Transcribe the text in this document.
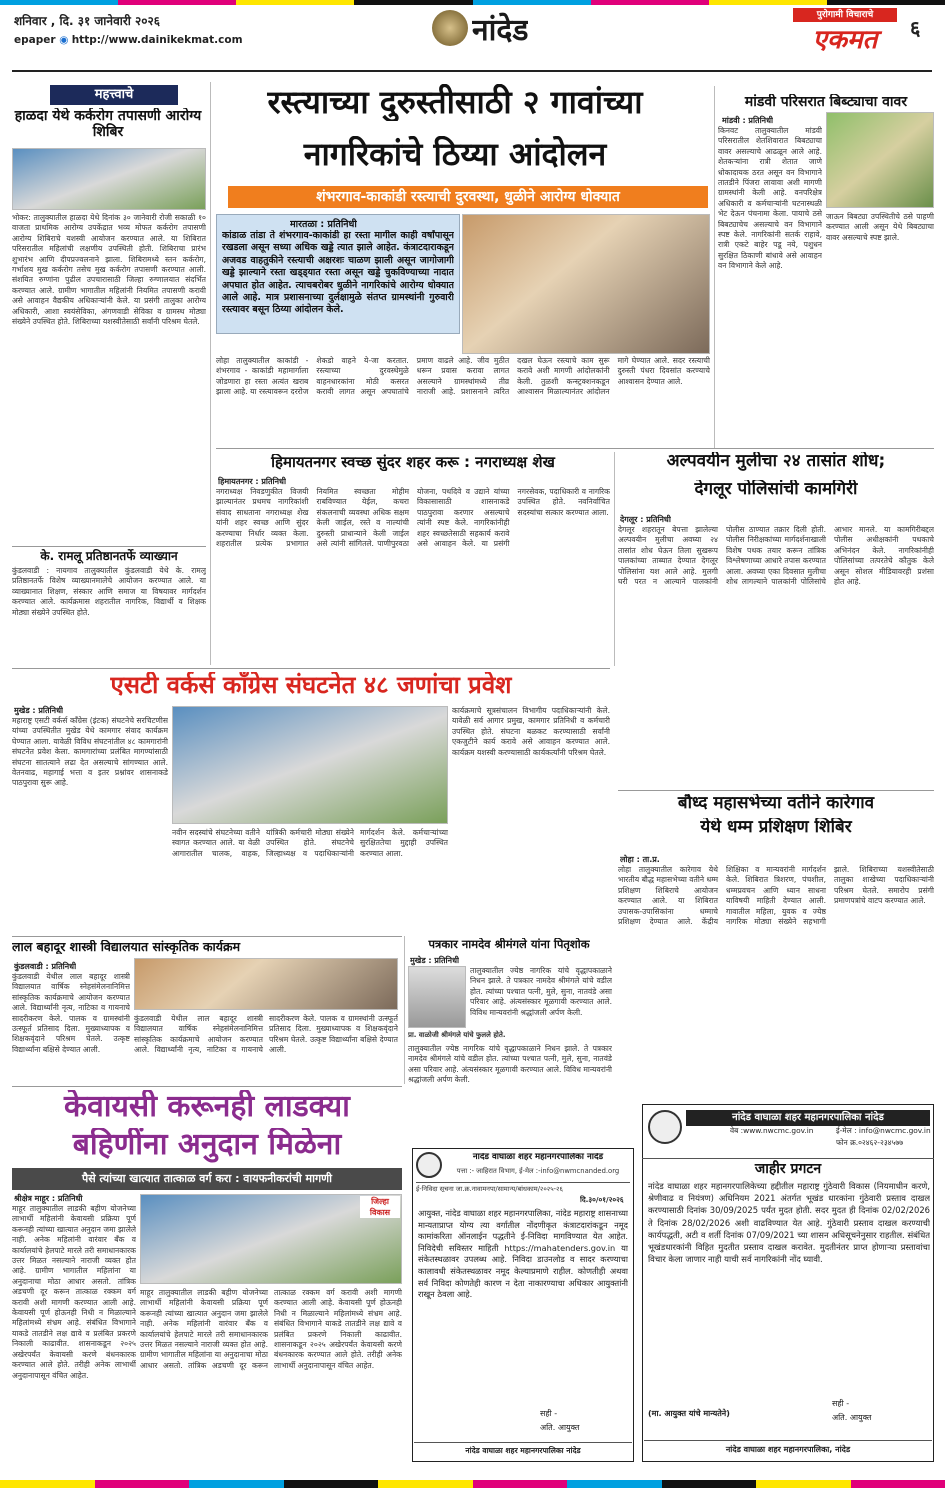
शनिवार , दि. ३१ जानेवारी २०२६
epaper ◉ http://www.dainikekmat.com	नांदेड	पुरोगामी विचाराचे
एकमत	६
महत्त्वाचे
हाळदा येथे कर्करोग तपासणी आरोग्य शिबिर
भोकर: तालुक्यातील हाळदा येथे दिनांक ३० जानेवारी रोजी सकाळी १० वाजता प्राथमिक आरोग्य उपकेंद्रात भव्य मोफत कर्करोग तपासणी आरोग्य शिबिराचे यशस्वी आयोजन करण्यात आले. या शिबिरात परिसरातील महिलांची लक्षणीय उपस्थिती होती. शिबिराचा प्रारंभ शुभारंभ आणि दीपप्रज्वलनाने झाला. शिबिरामध्ये स्तन कर्करोग, गर्भाशय मुख कर्करोग तसेच मुख कर्करोग तपासणी करण्यात आली. संशयित रुग्णांना पुढील उपचारासाठी जिल्हा रुग्णालयात संदर्भित करण्यात आले. ग्रामीण भागातील महिलांनी नियमित तपासणी करावी असे आवाहन वैद्यकीय अधिकाऱ्यांनी केले. या प्रसंगी तालुका आरोग्य अधिकारी, आशा स्वयंसेविका, अंगणवाडी सेविका व ग्रामस्थ मोठ्या संख्येने उपस्थित होते. शिबिराच्या यशस्वीतेसाठी सर्वांनी परिश्रम घेतले.
के. रामलू प्रतिष्ठानतर्फे व्याख्यान
कुंडलवाडी : नायगाव तालुक्यातील कुंडलवाडी येथे के. रामलू प्रतिष्ठानतर्फे विशेष व्याख्यानमालेचे आयोजन करण्यात आले. या व्याख्यानात शिक्षण, संस्कार आणि समाज या विषयावर मार्गदर्शन करण्यात आले. कार्यक्रमास शहरातील नागरिक, विद्यार्थी व शिक्षक मोठ्या संख्येने उपस्थित होते.
रस्त्याच्या दुरुस्तीसाठी २ गावांच्या
नागरिकांचे ठिय्या आंदोलन
शंभरगाव-काकांडी रस्त्याची दुरवस्था, धुळीने आरोग्य धोक्यात
मारतळा : प्रतिनिधी
कांडाळ तांडा ते शंभरगाव-काकांडी हा रस्ता मागील काही वर्षांपासून रखडला असून सध्या अधिक खड्डे त्यात झाले आहेत. कंत्राटदाराकडून अजवड वाहतुकीने रस्त्याची अक्षरशः चाळण झाली असून जागोजागी खड्डे झाल्याने रस्ता खड्ड्यात रस्ता असून खड्डे चुकविण्याच्या नादात अपघात होत आहेत. त्याचबरोबर धुळीने नागरिकांचे आरोग्य धोक्यात आले आहे. मात्र प्रशासनाच्या दुर्लक्षामुळे संतप्त ग्रामस्थांनी गुरुवारी रस्त्यावर बसून ठिय्या आंदोलन केले.
लोहा तालुक्यातील काकांडी - शंभरगाव - काकांडी महामार्गाला जोडणारा हा रस्ता अत्यंत खराब झाला आहे. या रस्त्यावरून दररोज शेकडो वाहने ये-जा करतात. रस्त्याच्या दुरवस्थेमुळे वाहनधारकांना मोठी कसरत करावी लागत असून अपघातांचे प्रमाण वाढले आहे. जीव मुठीत धरून प्रवास करावा लागत असल्याने ग्रामस्थांमध्ये तीव्र नाराजी आहे. प्रशासनाने त्वरित दखल घेऊन रस्त्याचे काम सुरू करावे अशी मागणी आंदोलकांनी केली. तुळशी कन्स्ट्रक्शनकडून आश्वासन मिळाल्यानंतर आंदोलन मागे घेण्यात आले. सदर रस्त्याची दुरुस्ती पंधरा दिवसांत करण्याचे आश्वासन देण्यात आले.
मांडवी परिसरात बिब्ट्याचा वावर
मांडवी : प्रतिनिधी
किनवट तालुक्यातील मांडवी परिसरातील शेतशिवारात बिबट्याचा वावर असल्याचे आढळून आले आहे. शेतकऱ्यांना रात्री शेतात जाणे धोकादायक ठरत असून वन विभागाने तातडीने पिंजरा लावावा अशी मागणी ग्रामस्थांनी केली आहे. वनपरिक्षेत्र अधिकारी व कर्मचाऱ्यांनी घटनास्थळी भेट देऊन पंचनामा केला. पायाचे ठसे बिबट्याचेच असल्याचे वन विभागाने स्पष्ट केले. नागरिकांनी सतर्क राहावे, रात्री एकटे बाहेर पडू नये, पशुधन सुरक्षित ठिकाणी बांधावे असे आवाहन वन विभागाने केले आहे.
जाऊन बिबट्या उपस्थितीचे ठसे पाहणी करण्यात आली असून येथे बिबट्याचा वावर असल्याचे स्पष्ट झाले.
हिमायतनगर स्वच्छ सुंदर शहर करू : नगराध्यक्ष शेख
हिमायतनगर : प्रतिनिधी
नगराध्यक्ष निवडणुकीत विजयी झाल्यानंतर प्रथमच नागरिकांशी संवाद साधताना नगराध्यक्ष शेख यांनी शहर स्वच्छ आणि सुंदर करण्याचा निर्धार व्यक्त केला. शहरातील प्रत्येक प्रभागात नियमित स्वच्छता मोहीम राबविण्यात येईल, कचरा संकलनाची व्यवस्था अधिक सक्षम केली जाईल, रस्ते व नाल्यांची दुरुस्ती प्राधान्याने केली जाईल असे त्यांनी सांगितले. पाणीपुरवठा योजना, पथदिवे व उद्याने यांच्या विकासासाठी शासनाकडे पाठपुरावा करणार असल्याचे त्यांनी स्पष्ट केले. नागरिकांनीही शहर स्वच्छतेसाठी सहकार्य करावे असे आवाहन केले. या प्रसंगी नगरसेवक, पदाधिकारी व नागरिक उपस्थित होते. नवनिर्वाचित सदस्यांचा सत्कार करण्यात आला.
अल्पवयीन मुलीचा २४ तासांत शोध;
देगलूर पोलिसांची कामगिरी
देगलूर : प्रतिनिधी
देगलूर शहरातून बेपत्ता झालेल्या अल्पवयीन मुलीचा अवघ्या २४ तासांत शोध घेऊन तिला सुखरूप पालकांच्या ताब्यात देण्यात देगलूर पोलिसांना यश आले आहे. मुलगी घरी परत न आल्याने पालकांनी पोलीस ठाण्यात तक्रार दिली होती. पोलीस निरीक्षकांच्या मार्गदर्शनाखाली विशेष पथक तयार करून तांत्रिक विश्लेषणाच्या आधारे तपास करण्यात आला. अवघ्या एका दिवसात मुलीचा शोध लागल्याने पालकांनी पोलिसांचे आभार मानले. या कामगिरीबद्दल पोलीस अधीक्षकांनी पथकाचे अभिनंदन केले. नागरिकांनीही पोलिसांच्या तत्परतेचे कौतुक केले असून सोशल मीडियावरही प्रशंसा होत आहे.
एसटी वर्कर्स काँग्रेस संघटनेत ४८ जणांचा प्रवेश
मुखेड : प्रतिनिधी
महाराष्ट्र एसटी वर्कर्स काँग्रेस (इंटक) संघटनेचे सरचिटणीस यांच्या उपस्थितीत मुखेड येथे कामगार संवाद कार्यक्रम घेण्यात आला. यावेळी विविध संघटनांतील ४८ कामगारांनी संघटनेत प्रवेश केला. कामगारांच्या प्रलंबित मागण्यांसाठी संघटना सातत्याने लढा देत असल्याचे सांगण्यात आले. वेतनवाढ, महागाई भत्ता व इतर प्रश्नांवर शासनाकडे पाठपुरावा सुरू आहे.
नवीन सदस्यांचे संघटनेच्या वतीने स्वागत करण्यात आले. या वेळी आगारातील चालक, वाहक, यांत्रिकी कर्मचारी मोठ्या संख्येने उपस्थित होते. संघटनेचे जिल्हाध्यक्ष व पदाधिकाऱ्यांनी मार्गदर्शन केले. कर्मचाऱ्यांच्या सुरक्षिततेचा मुद्दाही उपस्थित करण्यात आला.
कार्यक्रमाचे सूत्रसंचालन विभागीय पदाधिकाऱ्यांनी केले. यावेळी सर्व आगार प्रमुख, कामगार प्रतिनिधी व कर्मचारी उपस्थित होते. संघटना बळकट करण्यासाठी सर्वांनी एकजुटीने कार्य करावे असे आवाहन करण्यात आले. कार्यक्रम यशस्वी करण्यासाठी कार्यकर्त्यांनी परिश्रम घेतले.
बौध्द महासभेच्या वतीने कारेगाव
येथे धम्म प्रशिक्षण शिबिर
लोहा : ता.प्र.
लोहा तालुक्यातील कारेगाव येथे भारतीय बौद्ध महासभेच्या वतीने धम्म प्रशिक्षण शिबिराचे आयोजन करण्यात आले. या शिबिरात उपासक-उपासिकांना धम्माचे प्रशिक्षण देण्यात आले. केंद्रीय शिक्षिका व मान्यवरांनी मार्गदर्शन केले. शिबिरात त्रिशरण, पंचशील, धम्मप्रवचन आणि ध्यान साधना याविषयी माहिती देण्यात आली. गावातील महिला, युवक व ज्येष्ठ नागरिक मोठ्या संख्येने सहभागी झाले. शिबिराच्या यशस्वीतेसाठी तालुका शाखेच्या पदाधिकाऱ्यांनी परिश्रम घेतले. समारोप प्रसंगी प्रमाणपत्रांचे वाटप करण्यात आले.
लाल बहादूर शास्त्री विद्यालयात सांस्कृतिक कार्यक्रम
कुंडलवाडी : प्रतिनिधी
कुंडलवाडी येथील लाल बहादूर शास्त्री विद्यालयात वार्षिक स्नेहसंमेलनानिमित्त सांस्कृतिक कार्यक्रमाचे आयोजन करण्यात आले. विद्यार्थ्यांनी नृत्य, नाटिका व गायनाचे सादरीकरण केले. पालक व ग्रामस्थांनी उत्स्फूर्त प्रतिसाद दिला. मुख्याध्यापक व शिक्षकवृंदाने परिश्रम घेतले. उत्कृष्ट विद्यार्थ्यांना बक्षिसे देण्यात आली.
कुंडलवाडी येथील लाल बहादूर शास्त्री विद्यालयात वार्षिक स्नेहसंमेलनानिमित्त सांस्कृतिक कार्यक्रमाचे आयोजन करण्यात आले. विद्यार्थ्यांनी नृत्य, नाटिका व गायनाचे सादरीकरण केले. पालक व ग्रामस्थांनी उत्स्फूर्त प्रतिसाद दिला. मुख्याध्यापक व शिक्षकवृंदाने परिश्रम घेतले. उत्कृष्ट विद्यार्थ्यांना बक्षिसे देण्यात आली.
पत्रकार नामदेव श्रीमंगले यांना पितृशोक
मुखेड : प्रतिनिधी
तालुक्यातील ज्येष्ठ नागरिक यांचे वृद्धापकाळाने निधन झाले. ते पत्रकार नामदेव श्रीमंगले यांचे वडील होत. त्यांच्या पश्चात पत्नी, मुले, सुना, नातवंडे असा परिवार आहे. अंत्यसंस्कार मूळगावी करण्यात आले. विविध मान्यवरांनी श्रद्धांजली अर्पण केली.
प्रा. वाळोजी श्रीमंगले यांचे फुलले होते.
तालुक्यातील ज्येष्ठ नागरिक यांचे वृद्धापकाळाने निधन झाले. ते पत्रकार नामदेव श्रीमंगले यांचे वडील होत. त्यांच्या पश्चात पत्नी, मुले, सुना, नातवंडे असा परिवार आहे. अंत्यसंस्कार मूळगावी करण्यात आले. विविध मान्यवरांनी श्रद्धांजली अर्पण केली.
केवायसी करूनही लाडक्या
बहिणींना अनुदान मिळेना
पैसे त्यांच्या खात्यात तात्काळ वर्ग करा : वायफनीकरांची मागणी
श्रीक्षेत्र माहूर : प्रतिनिधी
माहूर तालुक्यातील लाडकी बहीण योजनेच्या लाभार्थी महिलांनी केवायसी प्रक्रिया पूर्ण करूनही त्यांच्या खात्यात अनुदान जमा झालेले नाही. अनेक महिलांनी वारंवार बँक व कार्यालयांचे हेलपाटे मारले तरी समाधानकारक उत्तर मिळत नसल्याने नाराजी व्यक्त होत आहे. ग्रामीण भागातील महिलांना या अनुदानाचा मोठा आधार असतो. तांत्रिक अडचणी दूर करून तात्काळ रक्कम वर्ग करावी अशी मागणी करण्यात आली आहे. केवायसी पूर्ण होऊनही निधी न मिळाल्याने महिलांमध्ये संभ्रम आहे. संबंधित विभागाने याकडे तातडीने लक्ष द्यावे व प्रलंबित प्रकरणे निकाली काढावीत. शासनाकडून २०२५ अखेरपर्यंत केवायसी करणे बंधनकारक करण्यात आले होते. तरीही अनेक लाभार्थी अनुदानापासून वंचित आहेत.
जिल्हा विकास
माहूर तालुक्यातील लाडकी बहीण योजनेच्या लाभार्थी महिलांनी केवायसी प्रक्रिया पूर्ण करूनही त्यांच्या खात्यात अनुदान जमा झालेले नाही. अनेक महिलांनी वारंवार बँक व कार्यालयांचे हेलपाटे मारले तरी समाधानकारक उत्तर मिळत नसल्याने नाराजी व्यक्त होत आहे. ग्रामीण भागातील महिलांना या अनुदानाचा मोठा आधार असतो. तांत्रिक अडचणी दूर करून तात्काळ रक्कम वर्ग करावी अशी मागणी करण्यात आली आहे. केवायसी पूर्ण होऊनही निधी न मिळाल्याने महिलांमध्ये संभ्रम आहे. संबंधित विभागाने याकडे तातडीने लक्ष द्यावे व प्रलंबित प्रकरणे निकाली काढावीत. शासनाकडून २०२५ अखेरपर्यंत केवायसी करणे बंधनकारक करण्यात आले होते. तरीही अनेक लाभार्थी अनुदानापासून वंचित आहेत.
नांदेड वाघाळा शहर महानगरपालिका नांदेड
पत्ता :- जाहिरात विभाग, ई-मेल :-info@nwmcnanded.org
ई-निविदा सूचना जा.क्र.नावामनपा/सामान्य/बांधकाम/२०२५-२६
दि.३०/०१/२०२६
आयुक्त, नांदेड वाघाळा शहर महानगरपालिका, नांदेड महाराष्ट्र शासनाच्या मान्यताप्राप्त योग्य त्या वर्गातील नोंदणीकृत कंत्राटदारांकडून नमूद कामांकरिता ऑनलाईन पद्धतीने ई-निविदा मागविण्यात येत आहेत. निविदेची सविस्तर माहिती https://mahatenders.gov.in या संकेतस्थळावर उपलब्ध आहे. निविदा डाउनलोड व सादर करण्याचा कालावधी संकेतस्थळावर नमूद केल्याप्रमाणे राहील. कोणतीही अथवा सर्व निविदा कोणतेही कारण न देता नाकारण्याचा अधिकार आयुक्तांनी राखून ठेवला आहे.
सही -
अति. आयुक्त
नांदेड वाघाळा शहर महानगरपालिका नांदेड
नांदेड वाघाळा शहर महानगरपालिका नांदेड
वेब :www.nwcmc.gov.in	ई-मेल : info@nwcmc.gov.in
फोन क्र.०२४६२-२३४५७७
जाहीर प्रगटन
नांदेड वाघाळा शहर महानगरपालिकेच्या हद्दीतील महाराष्ट्र गुंठेवारी विकास (नियमाधीन करणे, श्रेणीवाढ व नियंत्रण) अधिनियम 2021 अंतर्गत भूखंड धारकांना गुंठेवारी प्रस्ताव दाखल करण्यासाठी दिनांक 30/09/2025 पर्यंत मुदत होती. सदर मुदत ही दिनांक 02/02/2026 ते दिनांक 28/02/2026 अशी वाढविण्यात येत आहे. गुंठेवारी प्रस्ताव दाखल करण्याची कार्यपद्धती, अटी व शर्ती दिनांक 07/09/2021 च्या शासन अधिसूचनेनुसार राहतील. संबंधित भूखंडधारकांनी विहित मुदतीत प्रस्ताव दाखल करावेत. मुदतीनंतर प्राप्त होणाऱ्या प्रस्तावांचा विचार केला जाणार नाही याची सर्व नागरिकांनी नोंद घ्यावी.
(मा. आयुक्त यांचे मान्यतेने)
सही -
अति. आयुक्त
नांदेड वाघाळा शहर महानगरपालिका, नांदेड
